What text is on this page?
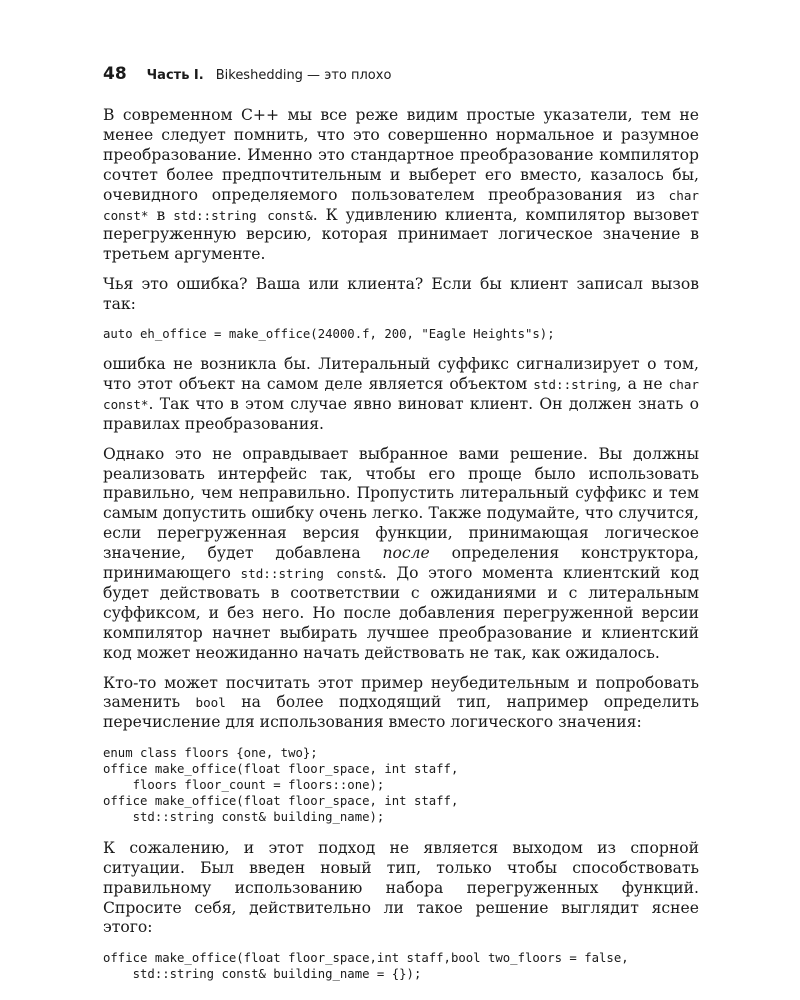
48 Часть I. Bikeshedding — это плохо

В современном C++ мы все реже видим простые указатели, тем не менее следует помнить, что это совершенно нормальное и разумное преобразование. Именно это стандартное преобразование компилятор сочтет более предпочтительным и выберет его вместо, казалось бы, очевидного определяемого пользователем преобразования из char const* в std::string const&. К удивлению клиента, компилятор вызовет перегруженную версию, которая принимает логическое значение в третьем аргументе.

Чья это ошибка? Ваша или клиента? Если бы клиент записал вызов так:

auto eh_office = make_office(24000.f, 200, "Eagle Heights"s);

ошибка не возникла бы. Литеральный суффикс сигнализирует о том, что этот объект на самом деле является объектом std::string, а не char const*. Так что в этом случае явно виноват клиент. Он должен знать о правилах преобразования.

Однако это не оправдывает выбранное вами решение. Вы должны реализовать интерфейс так, чтобы его проще было использовать правильно, чем неправильно. Пропустить литеральный суффикс и тем самым допустить ошибку очень легко. Также подумайте, что случится, если перегруженная версия функции, принимающая логическое значение, будет добавлена после определения конструктора, принимающего std::string const&. До этого момента клиентский код будет действовать в соответствии с ожиданиями и с литеральным суффиксом, и без него. Но после добавления перегруженной версии компилятор начнет выбирать лучшее преобразование и клиентский код может неожиданно начать действовать не так, как ожидалось.

Кто-то может посчитать этот пример неубедительным и попробовать заменить bool на более подходящий тип, например определить перечисление для использования вместо логического значения:

enum class floors {one, two};
office make_office(float floor_space, int staff,
floors floor_count = floors::one);
office make_office(float floor_space, int staff,
std::string const& building_name);

К сожалению, и этот подход не является выходом из спорной ситуации. Был введен новый тип, только чтобы способствовать правильному использованию набора перегруженных функций. Спросите себя, действительно ли такое решение выглядит яснее этого:

office make_office(float floor_space,int staff,bool two_floors = false,
std::string const& building_name = {});
